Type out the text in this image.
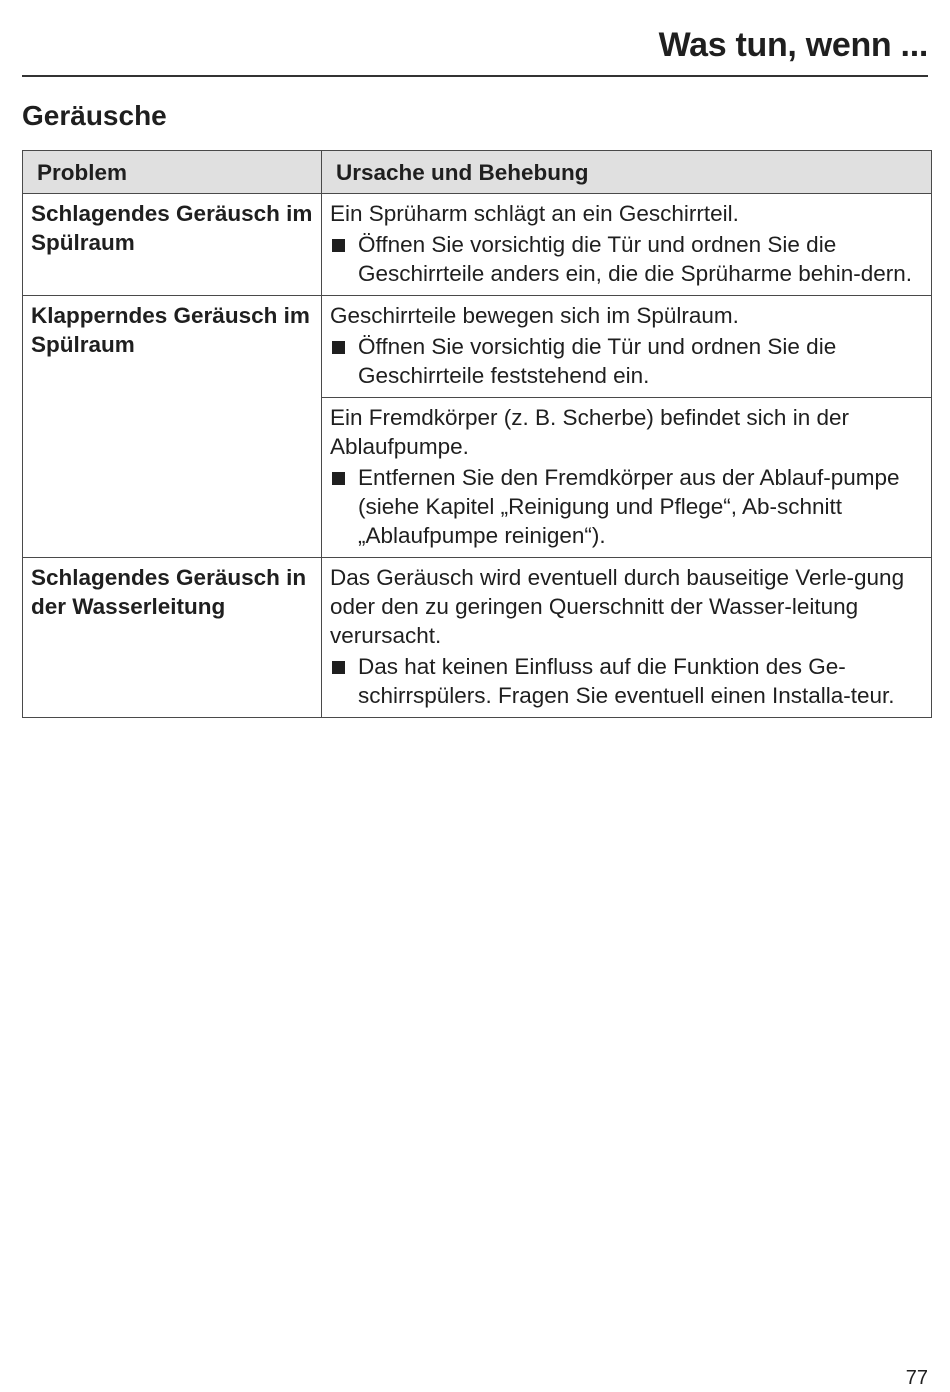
Was tun, wenn ...
Geräusche
Problem	Ursache und Behebung
Schlagendes Geräusch im Spülraum	Ein Sprüharm schlägt an ein Geschirrteil.

Öffnen Sie vorsichtig die Tür und ordnen Sie die Geschirrteile anders ein, die die Sprüharme behin-dern.

Klapperndes Geräusch im Spülraum	Geschirrteile bewegen sich im Spülraum.

Öffnen Sie vorsichtig die Tür und ordnen Sie die Geschirrteile feststehend ein.

	Ein Fremdkörper (z. B. Scherbe) befindet sich in der Ablaufpumpe.

Entfernen Sie den Fremdkörper aus der Ablauf-pumpe (siehe Kapitel „Reinigung und Pflege“, Ab-schnitt „Ablaufpumpe reinigen“).

Schlagendes Geräusch in der Wasserleitung	Das Geräusch wird eventuell durch bauseitige Verle-gung oder den zu geringen Querschnitt der Wasser-leitung verursacht.

Das hat keinen Einfluss auf die Funktion des Ge-schirrspülers. Fragen Sie eventuell einen Installa-teur.
77
